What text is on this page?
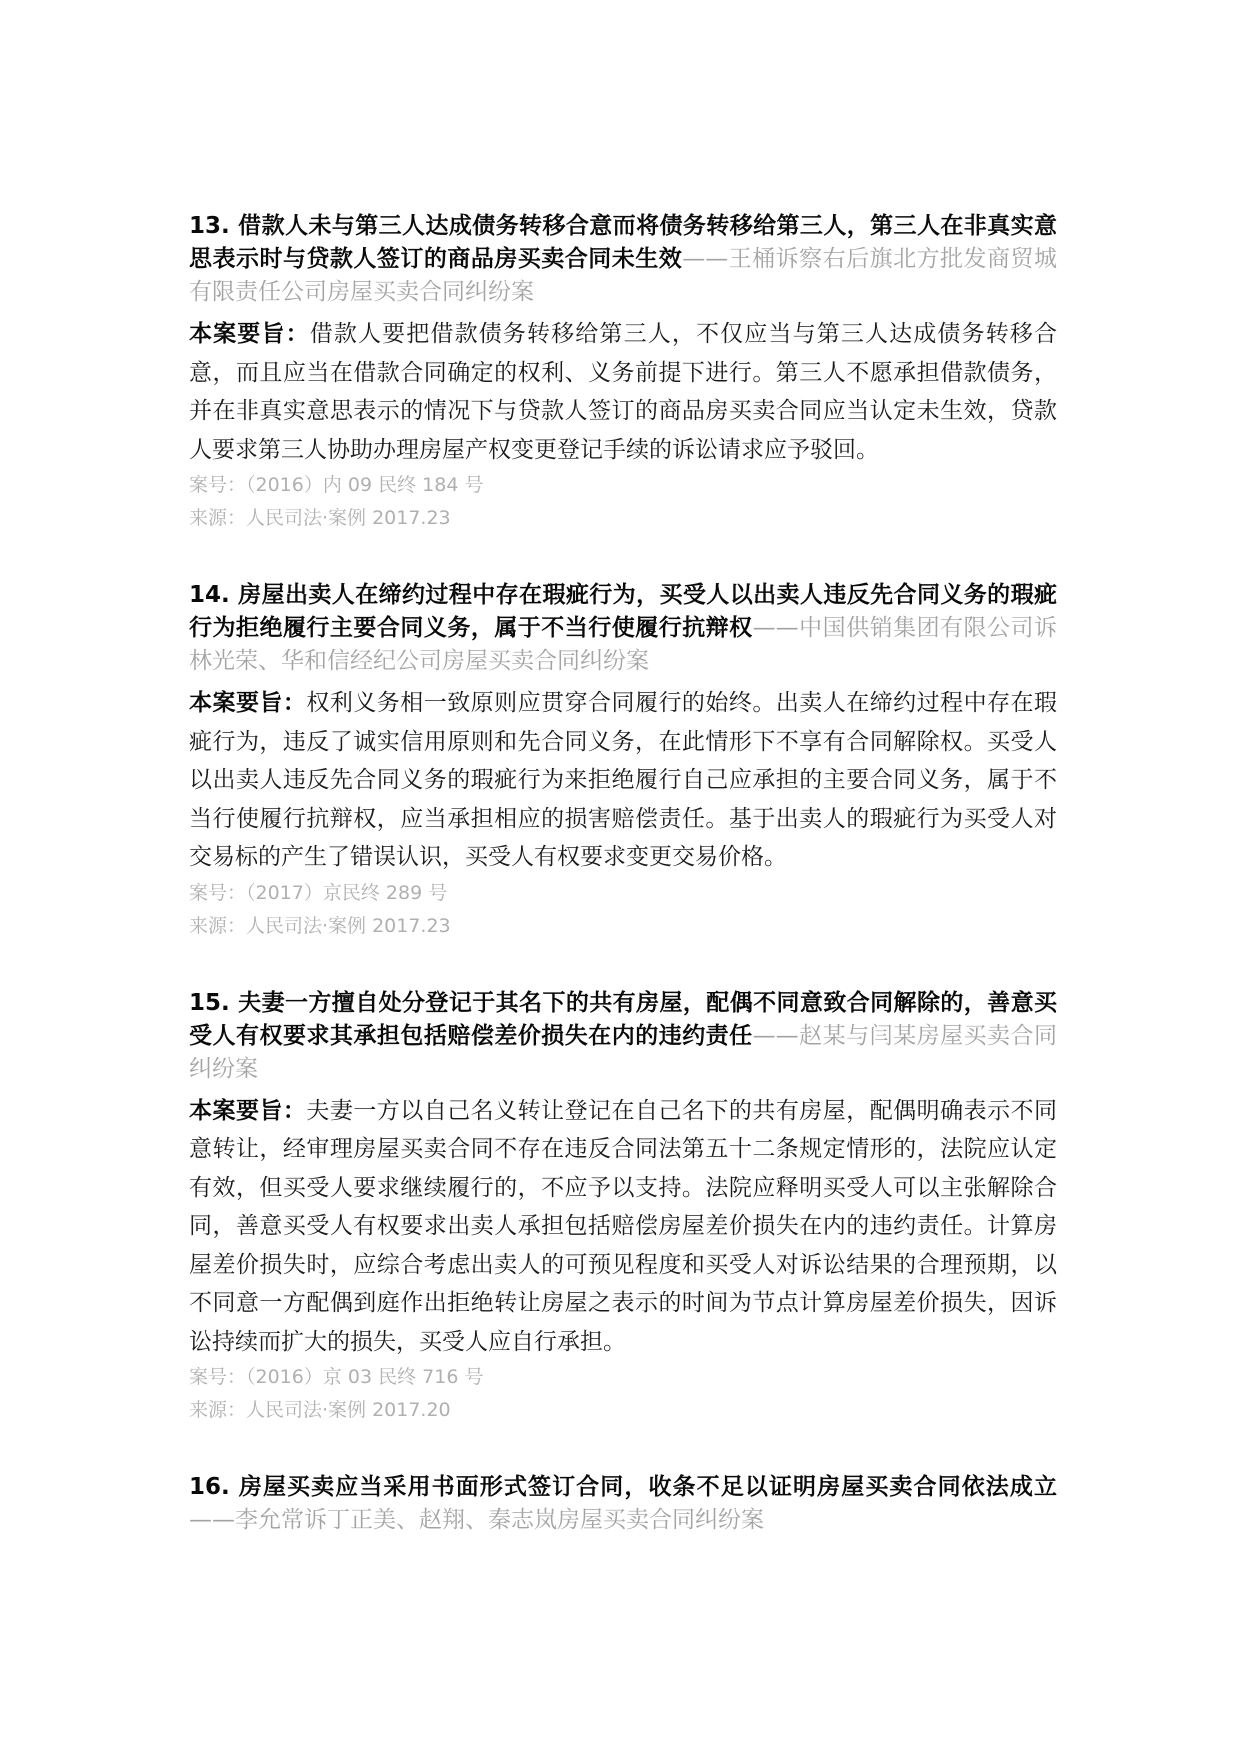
13. 借款人未与第三人达成债务转移合意而将债务转移给第三人，第三人在非真实意思表示时与贷款人签订的商品房买卖合同未生效——王桶诉察右后旗北方批发商贸城有限责任公司房屋买卖合同纠纷案

本案要旨：借款人要把借款债务转移给第三人，不仅应当与第三人达成债务转移合意，而且应当在借款合同确定的权利、义务前提下进行。第三人不愿承担借款债务，并在非真实意思表示的情况下与贷款人签订的商品房买卖合同应当认定未生效，贷款人要求第三人协助办理房屋产权变更登记手续的诉讼请求应予驳回。

案号：（2016）内 09 民终 184 号

来源：人民司法·案例 2017.23

14. 房屋出卖人在缔约过程中存在瑕疵行为，买受人以出卖人违反先合同义务的瑕疵行为拒绝履行主要合同义务，属于不当行使履行抗辩权——中国供销集团有限公司诉林光荣、华和信经纪公司房屋买卖合同纠纷案

本案要旨：权利义务相一致原则应贯穿合同履行的始终。出卖人在缔约过程中存在瑕疵行为，违反了诚实信用原则和先合同义务，在此情形下不享有合同解除权。买受人以出卖人违反先合同义务的瑕疵行为来拒绝履行自己应承担的主要合同义务，属于不当行使履行抗辩权，应当承担相应的损害赔偿责任。基于出卖人的瑕疵行为买受人对交易标的产生了错误认识，买受人有权要求变更交易价格。

案号：（2017）京民终 289 号

来源：人民司法·案例 2017.23

15. 夫妻一方擅自处分登记于其名下的共有房屋，配偶不同意致合同解除的，善意买受人有权要求其承担包括赔偿差价损失在内的违约责任——赵某与闫某房屋买卖合同纠纷案

本案要旨：夫妻一方以自己名义转让登记在自己名下的共有房屋，配偶明确表示不同意转让，经审理房屋买卖合同不存在违反合同法第五十二条规定情形的，法院应认定有效，但买受人要求继续履行的，不应予以支持。法院应释明买受人可以主张解除合同，善意买受人有权要求出卖人承担包括赔偿房屋差价损失在内的违约责任。计算房屋差价损失时，应综合考虑出卖人的可预见程度和买受人对诉讼结果的合理预期，以不同意一方配偶到庭作出拒绝转让房屋之表示的时间为节点计算房屋差价损失，因诉讼持续而扩大的损失，买受人应自行承担。

案号：（2016）京 03 民终 716 号

来源：人民司法·案例 2017.20

16. 房屋买卖应当采用书面形式签订合同，收条不足以证明房屋买卖合同依法成立——李允常诉丁正美、赵翔、秦志岚房屋买卖合同纠纷案
